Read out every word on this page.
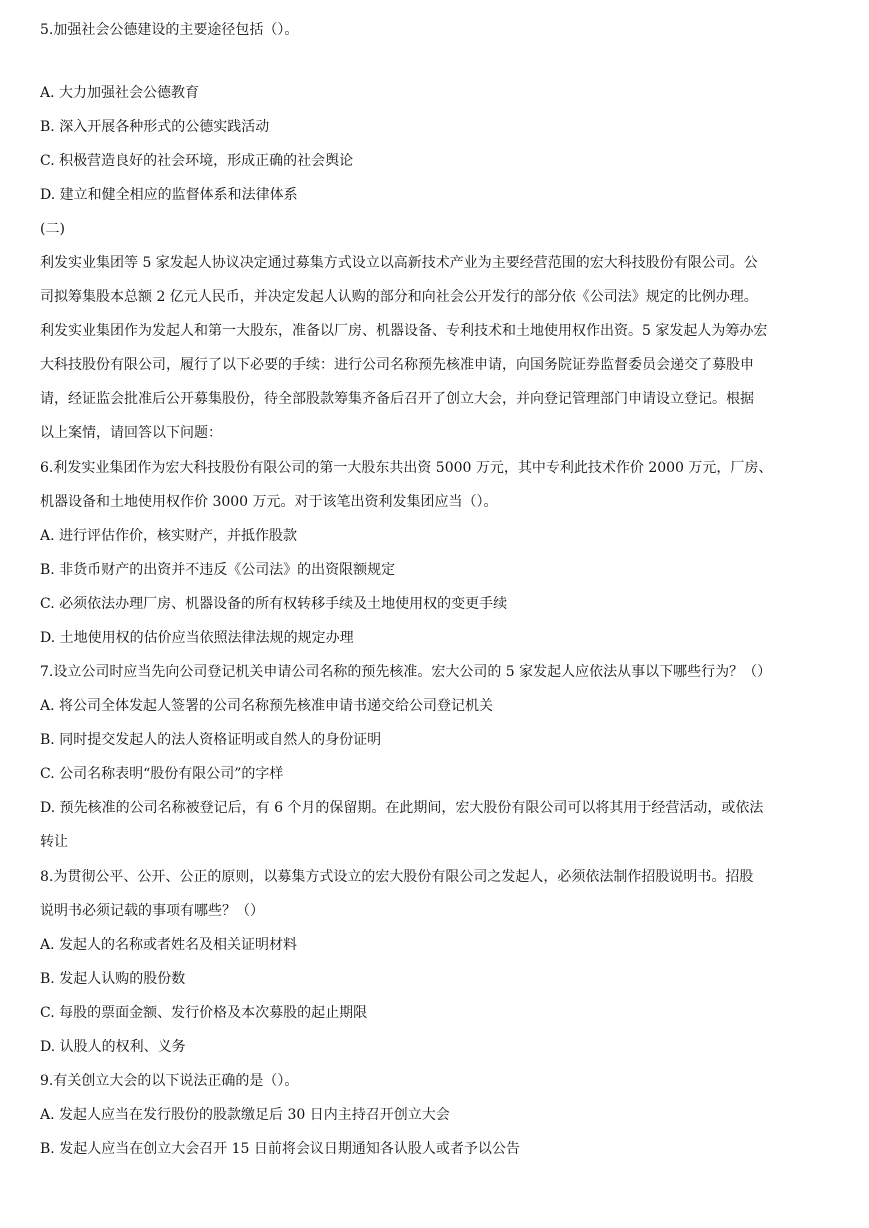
5.加强社会公德建设的主要途径包括（）。
A. 大力加强社会公德教育
B. 深入开展各种形式的公德实践活动
C. 积极营造良好的社会环境，形成正确的社会舆论
D. 建立和健全相应的监督体系和法律体系
(二)
利发实业集团等 5 家发起人协议决定通过募集方式设立以高新技术产业为主要经营范围的宏大科技股份有限公司。公
司拟筹集股本总额 2 亿元人民币，并决定发起人认购的部分和向社会公开发行的部分依《公司法》规定的比例办理。
利发实业集团作为发起人和第一大股东，准备以厂房、机器设备、专利技术和土地使用权作出资。5 家发起人为筹办宏
大科技股份有限公司，履行了以下必要的手续：进行公司名称预先核准申请，向国务院证券监督委员会递交了募股申
请，经证监会批准后公开募集股份，待全部股款筹集齐备后召开了创立大会，并向登记管理部门申请设立登记。根据
以上案情，请回答以下问题：
6.利发实业集团作为宏大科技股份有限公司的第一大股东共出资 5000 万元，其中专利此技术作价 2000 万元，厂房、
机器设备和土地使用权作价 3000 万元。对于该笔出资利发集团应当（）。
A. 进行评估作价，核实财产，并抵作股款
B. 非货币财产的出资并不违反《公司法》的出资限额规定
C. 必须依法办理厂房、机器设备的所有权转移手续及土地使用权的变更手续
D. 土地使用权的估价应当依照法律法规的规定办理
7.设立公司时应当先向公司登记机关申请公司名称的预先核准。宏大公司的 5 家发起人应依法从事以下哪些行为？（）
A. 将公司全体发起人签署的公司名称预先核准申请书递交给公司登记机关
B. 同时提交发起人的法人资格证明或自然人的身份证明
C. 公司名称表明“股份有限公司”的字样
D. 预先核准的公司名称被登记后，有 6 个月的保留期。在此期间，宏大股份有限公司可以将其用于经营活动，或依法
转让
8.为贯彻公平、公开、公正的原则，以募集方式设立的宏大股份有限公司之发起人，必须依法制作招股说明书。招股
说明书必须记载的事项有哪些？（）
A. 发起人的名称或者姓名及相关证明材料
B. 发起人认购的股份数
C. 每股的票面金额、发行价格及本次募股的起止期限
D. 认股人的权利、义务
9.有关创立大会的以下说法正确的是（）。
A. 发起人应当在发行股份的股款缴足后 30 日内主持召开创立大会
B. 发起人应当在创立大会召开 15 日前将会议日期通知各认股人或者予以公告
